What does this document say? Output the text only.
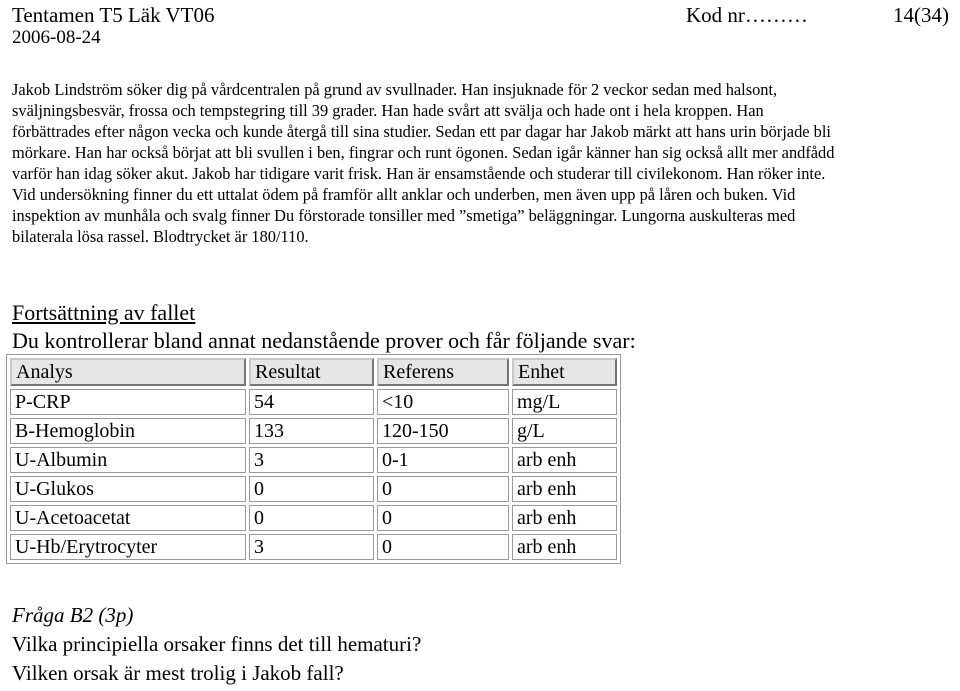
Tentamen T5 Läk VT06
2006-08-24
Kod nr………	14(34)

Jakob Lindström söker dig på vårdcentralen på grund av svullnader. Han insjuknade för 2 veckor sedan med halsont,

sväljningsbesvär, frossa och tempstegring till 39 grader. Han hade svårt att svälja och hade ont i hela kroppen. Han

förbättrades efter någon vecka och kunde återgå till sina studier. Sedan ett par dagar har Jakob märkt att hans urin började bli

mörkare. Han har också börjat att bli svullen i ben, fingrar och runt ögonen. Sedan igår känner han sig också allt mer andfådd

varför han idag söker akut. Jakob har tidigare varit frisk. Han är ensamstående och studerar till civilekonom. Han röker inte.

Vid undersökning finner du ett uttalat ödem på framför allt anklar och underben, men även upp på låren och buken. Vid

inspektion av munhåla och svalg finner Du förstorade tonsiller med ”smetiga” beläggningar. Lungorna auskulteras med

bilaterala lösa rassel. Blodtrycket är 180/110.

Fortsättning av fallet
Du kontrollerar bland annat nedanstående prover och får följande svar:
Analys	Resultat	Referens	Enhet
P-CRP	54	<10	mg/L
B-Hemoglobin	133	120-150	g/L
U-Albumin	3	0-1	arb enh
U-Glukos	0	0	arb enh
U-Acetoacetat	0	0	arb enh
U-Hb/Erytrocyter	3	0	arb enh
Fråga B2 (3p)
Vilka principiella orsaker finns det till hematuri?
Vilken orsak är mest trolig i Jakob fall?
